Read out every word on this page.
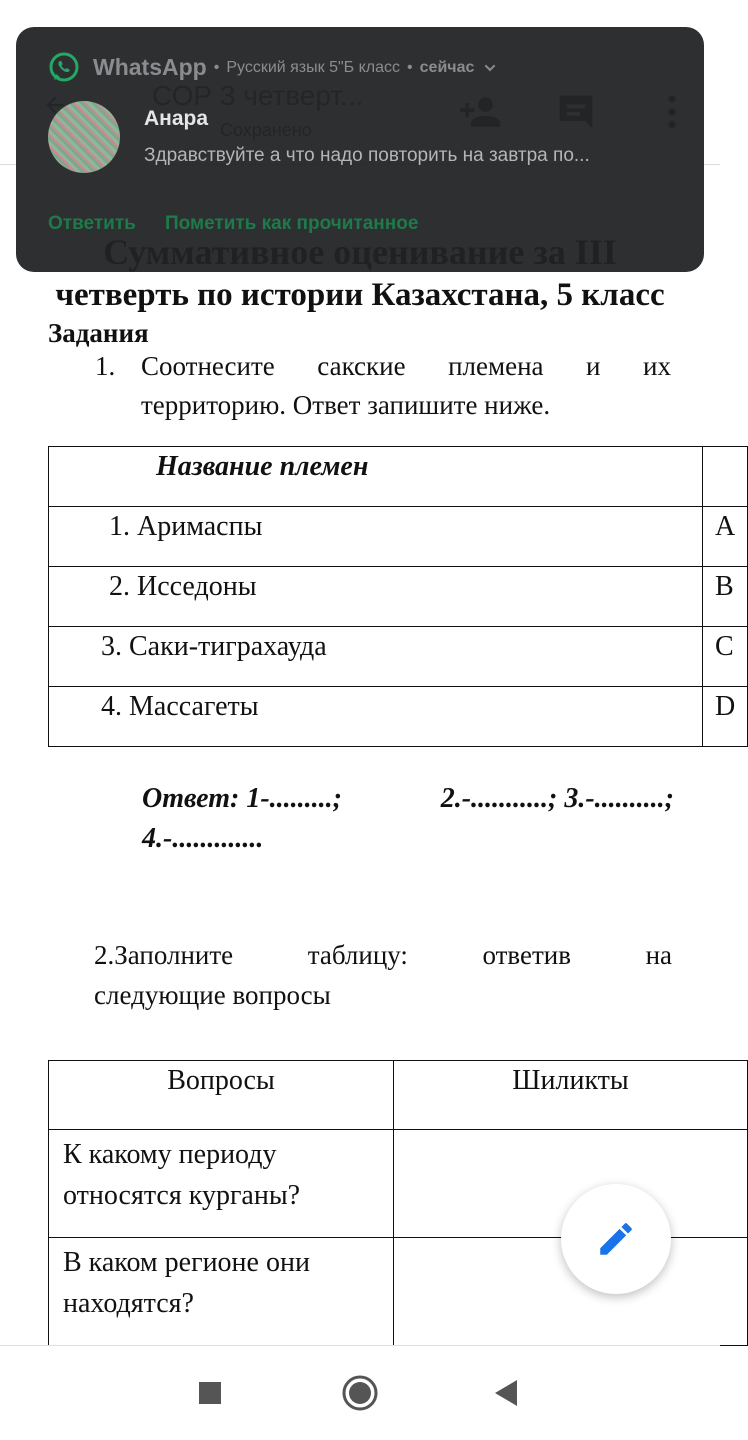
четверть по истории Казахстана, 5 класс
Задания
1. Соотнесите сакские племена и их
территорию. Ответ запишите ниже.
Название племен	
1. Аримаспы	А
2. Исседоны	В
3. Саки-тиграхауда	С
4. Массагеты	D
Ответ: 1-.........;	2.-...........; 3.-..........;
4.-.............
2.Заполните	таблицу:	ответив	на
следующие вопросы
Вопросы	Шиликты
К какому периоду относятся курганы?	
В каком регионе они находятся?	
WhatsApp • Русский язык 5"Б класс • сейчас
Анара
Здравствуйте а что надо повторить на завтра по...
Ответить Пометить как прочитанное
